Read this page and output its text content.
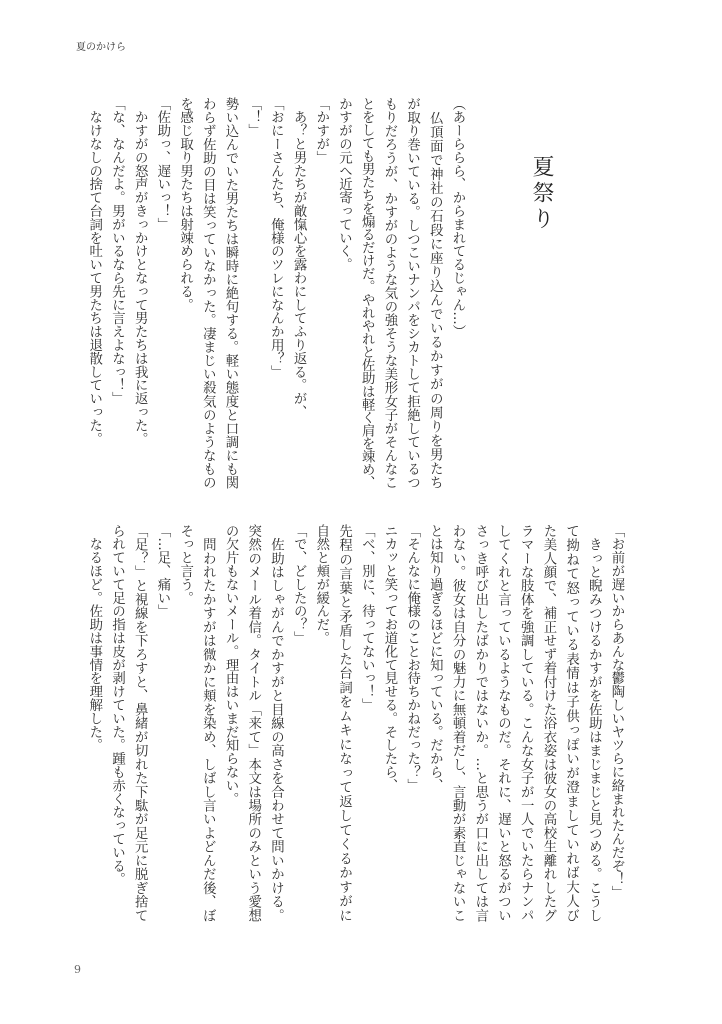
夏のかけら
夏祭り
（あーららら、からまれてるじゃん…）
　仏頂面で神社の石段に座り込んでいるかすがの周りを男たち
が取り巻いている。しつこいナンパをシカトして拒絶しているつ
もりだろうが、かすがのような気の強そうな美形女子がそんなこ
とをしても男たちを煽るだけだ。やれやれと佐助は軽く肩を竦め、
かすがの元へ近寄っていく。
「かすが」
　あ？と男たちが敵愾心を露わにしてふり返る。が、
「おにーさんたち、俺様のツレになんか用？」
「！」
勢い込んでいた男たちは瞬時に絶句する。軽い態度と口調にも関
わらず佐助の目は笑っていなかった。凄まじい殺気のようなもの
を感じ取り男たちは射竦められる。
「佐助っ、遅いっ！」
　かすがの怒声がきっかけとなって男たちは我に返った。
「な、なんだよ。男がいるなら先に言えよなっ！」
　なけなしの捨て台詞を吐いて男たちは退散していった。
「お前が遅いからあんな鬱陶しいヤツらに絡まれたんだぞ！」
　きっと睨みつけるかすがを佐助はまじまじと見つめる。こうし
て拗ねて怒っている表情は子供っぽいが澄ましていれば大人び
た美人顔で、補正せず着付けた浴衣姿は彼女の高校生離れしたグ
ラマーな肢体を強調している。こんな女子が一人でいたらナンパ
してくれと言っているようなものだ。それに、遅いと怒るがつい
さっき呼び出したばかりではないか。…と思うが口に出しては言
わない。彼女は自分の魅力に無頓着だし、言動が素直じゃないこ
とは知り過ぎるほどに知っている。だから、
「そんなに俺様のことお待ちかねだった？」
ニカッと笑ってお道化て見せる。そしたら、
「べ、別に、待ってないっ！」
先程の言葉と矛盾した台詞をムキになって返してくるかすがに
自然と頬が緩んだ。
「で、どしたの？」
　佐助はしゃがんでかすがと目線の高さを合わせて問いかける。
突然のメール着信。タイトル「来て」本文は場所のみという愛想
の欠片もないメール。理由はいまだ知らない。
　問われたかすがは微かに頬を染め、しばし言いよどんだ後、ぼ
そっと言う。
「…足、痛い」
「足？」と視線を下ろすと、鼻緒が切れた下駄が足元に脱ぎ捨て
られていて足の指は皮が剥けていた。踵も赤くなっている。
　なるほど。佐助は事情を理解した。
9
